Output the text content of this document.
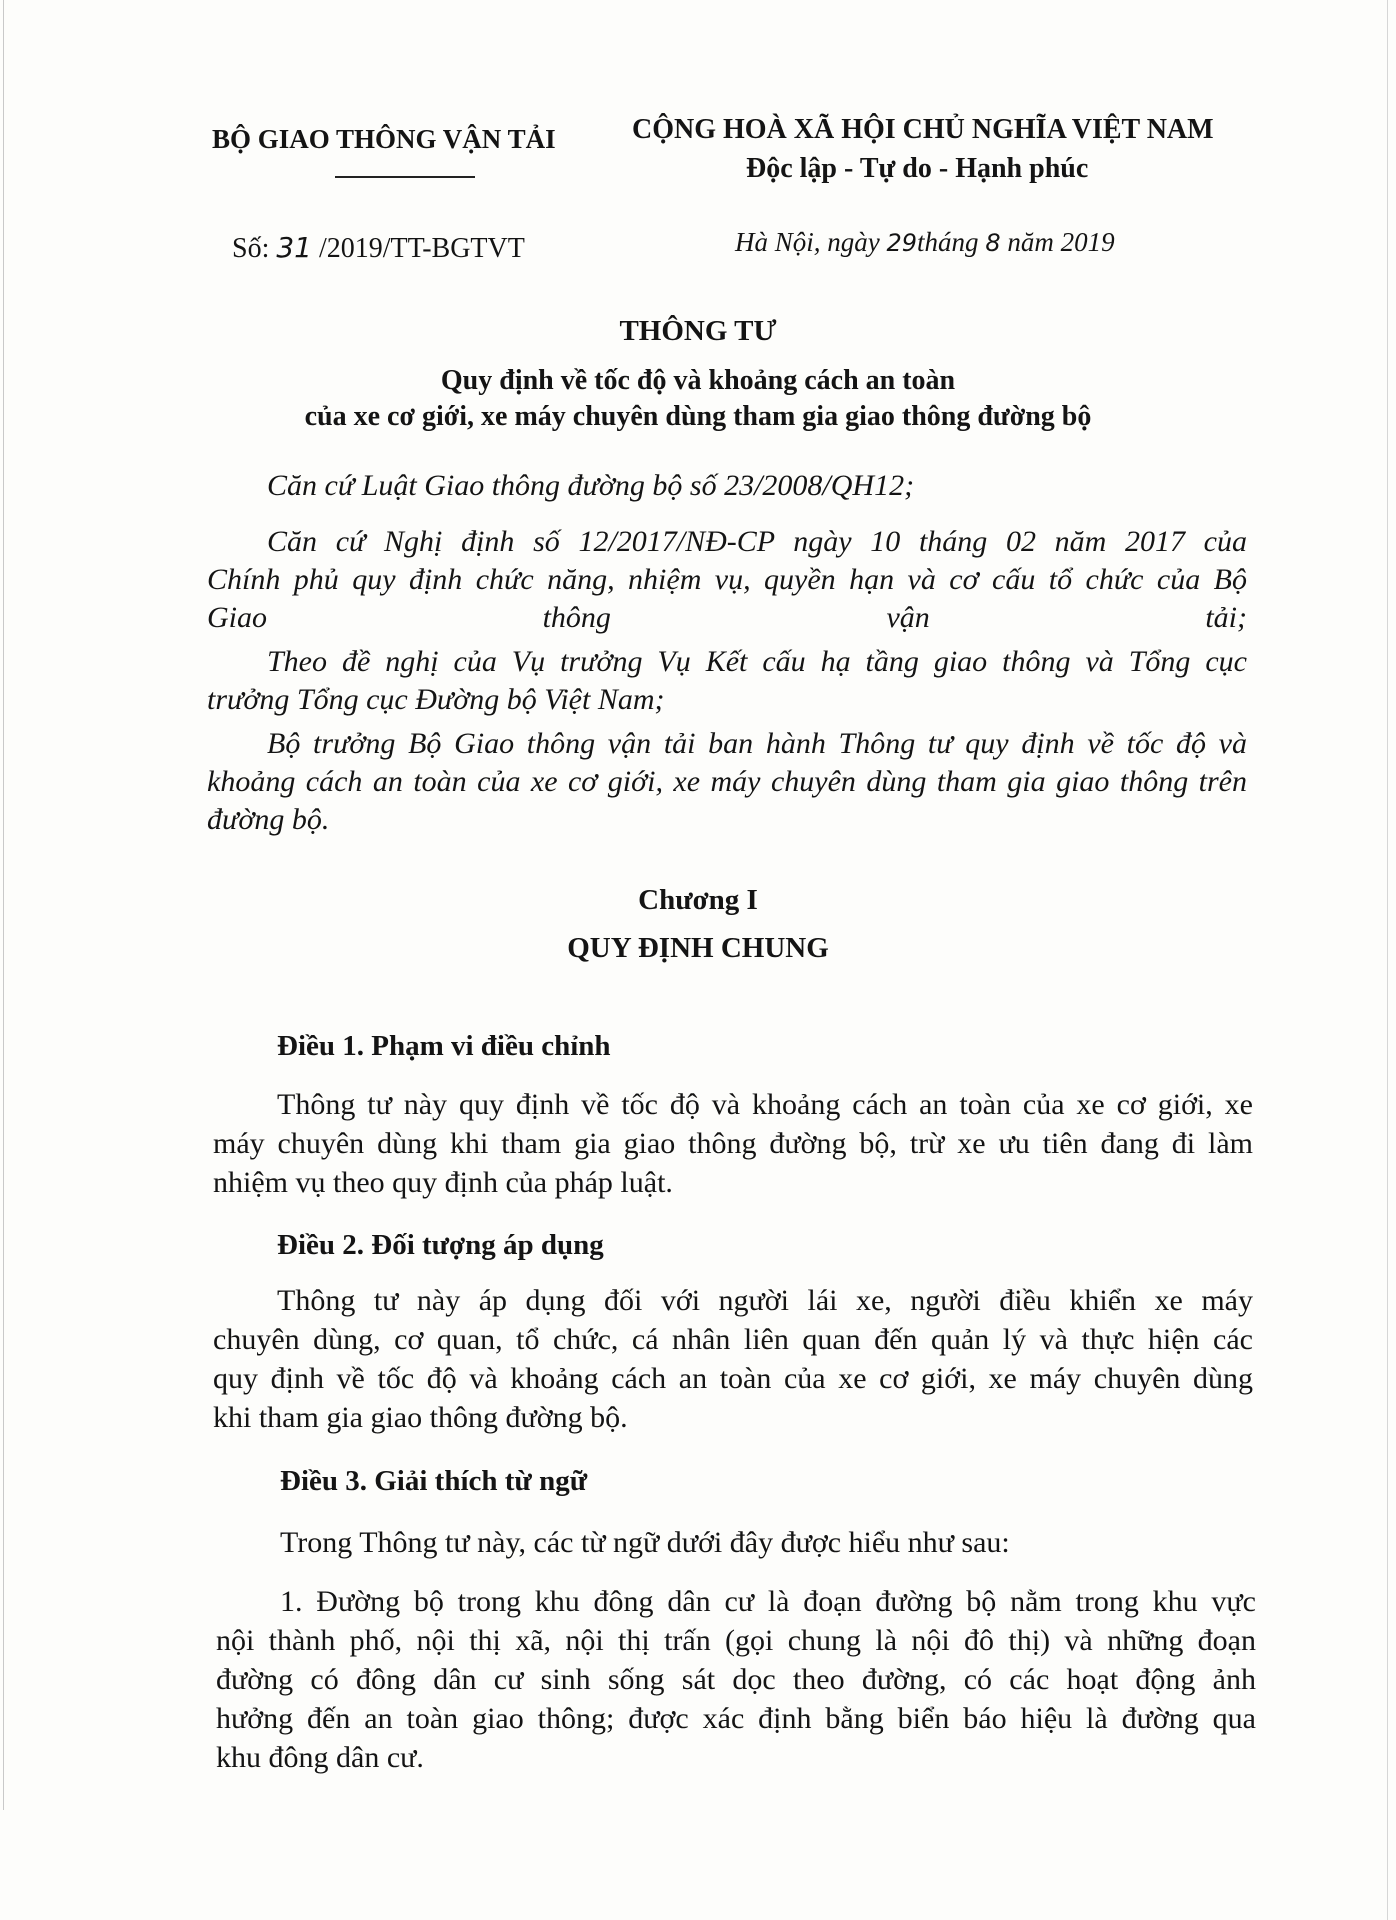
BỘ GIAO THÔNG VẬN TẢI	CỘNG HOÀ XÃ HỘI CHỦ NGHĨA VIỆT NAM
Độc lập - Tự do - Hạnh phúc
Số: 31 /2019/TT-BGTVT	Hà Nội, ngày 29tháng 8 năm 2019
THÔNG TƯ
Quy định về tốc độ và khoảng cách an toàn
của xe cơ giới, xe máy chuyên dùng tham gia giao thông đường bộ
Căn cứ Luật Giao thông đường bộ số 23/2008/QH12;
Căn cứ Nghị định số 12/2017/NĐ-CP ngày 10 tháng 02 năm 2017 của
Chính phủ quy định chức năng, nhiệm vụ, quyền hạn và cơ cấu tổ chức của Bộ
Giao thông vận tải;
Theo đề nghị của Vụ trưởng Vụ Kết cấu hạ tầng giao thông và Tổng cục
trưởng Tổng cục Đường bộ Việt Nam;
Bộ trưởng Bộ Giao thông vận tải ban hành Thông tư quy định về tốc độ và
khoảng cách an toàn của xe cơ giới, xe máy chuyên dùng tham gia giao thông trên
đường bộ.
Chương I
QUY ĐỊNH CHUNG
Điều 1. Phạm vi điều chỉnh
Thông tư này quy định về tốc độ và khoảng cách an toàn của xe cơ giới, xe
máy chuyên dùng khi tham gia giao thông đường bộ, trừ xe ưu tiên đang đi làm
nhiệm vụ theo quy định của pháp luật.
Điều 2. Đối tượng áp dụng
Thông tư này áp dụng đối với người lái xe, người điều khiển xe máy
chuyên dùng, cơ quan, tổ chức, cá nhân liên quan đến quản lý và thực hiện các
quy định về tốc độ và khoảng cách an toàn của xe cơ giới, xe máy chuyên dùng
khi tham gia giao thông đường bộ.
Điều 3. Giải thích từ ngữ
Trong Thông tư này, các từ ngữ dưới đây được hiểu như sau:
1. Đường bộ trong khu đông dân cư là đoạn đường bộ nằm trong khu vực
nội thành phố, nội thị xã, nội thị trấn (gọi chung là nội đô thị) và những đoạn
đường có đông dân cư sinh sống sát dọc theo đường, có các hoạt động ảnh
hưởng đến an toàn giao thông; được xác định bằng biển báo hiệu là đường qua
khu đông dân cư.
